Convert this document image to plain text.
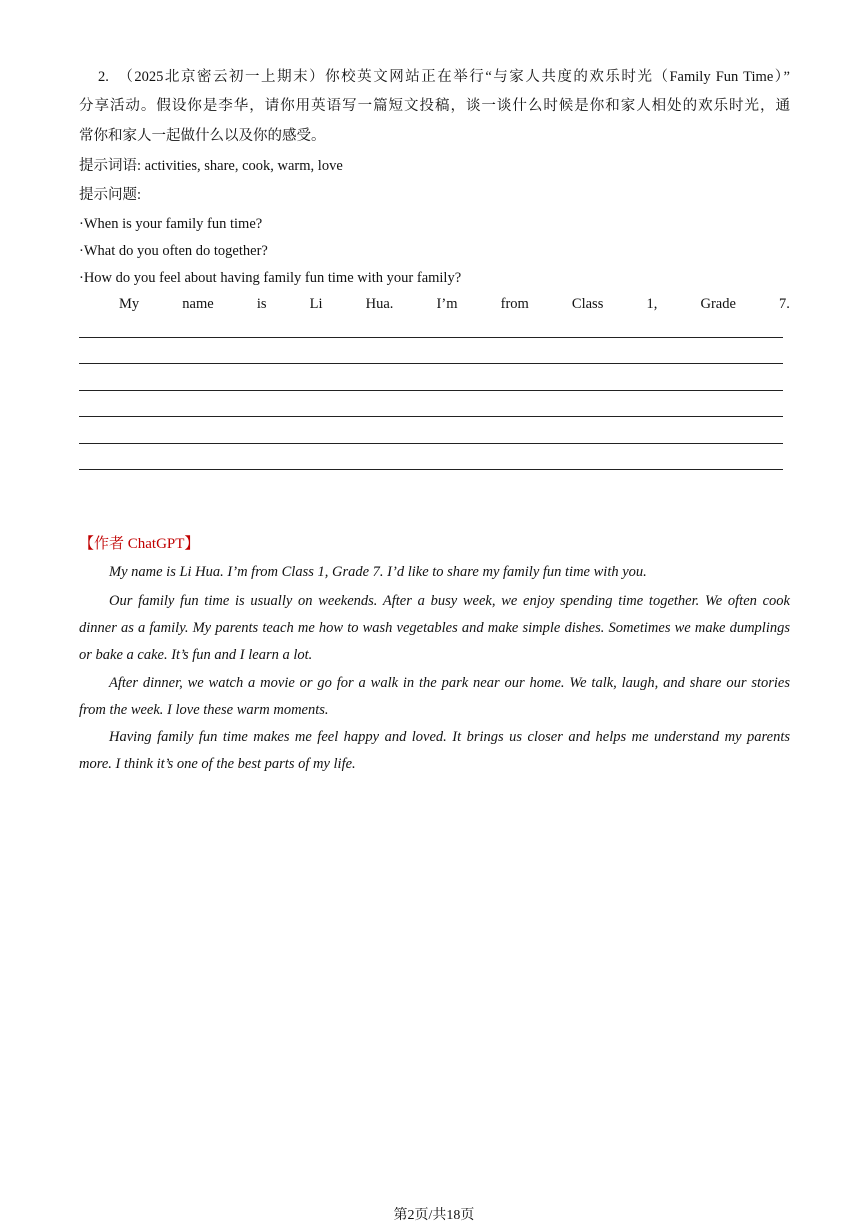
2. （2025北京密云初一上期末）你校英文网站正在举行“与家人共度的欢乐时光（Family Fun Time）”
分享活动。假设你是李华，请你用英语写一篇短文投稿，谈一谈什么时候是你和家人相处的欢乐时光，通
常你和家人一起做什么以及你的感受。
提示词语: activities, share, cook, warm, love
提示问题:
·When is your family fun time?
·What do you often do together?
·How do you feel about having family fun time with your family?
My	name	is	Li	Hua.	I’m	from	Class	1,	Grade	7.
【作者 ChatGPT】

My name is Li Hua. I’m from Class 1, Grade 7. I’d like to share my family fun time with you.

Our family fun time is usually on weekends. After a busy week, we enjoy spending time together. We often cook dinner as a family. My parents teach me how to wash vegetables and make simple dishes. Sometimes we make dumplings or bake a cake. It’s fun and I learn a lot.

After dinner, we watch a movie or go for a walk in the park near our home. We talk, laugh, and share our stories from the week. I love these warm moments.

Having family fun time makes me feel happy and loved. It brings us closer and helps me understand my parents more. I think it’s one of the best parts of my life.

第2页/共18页
